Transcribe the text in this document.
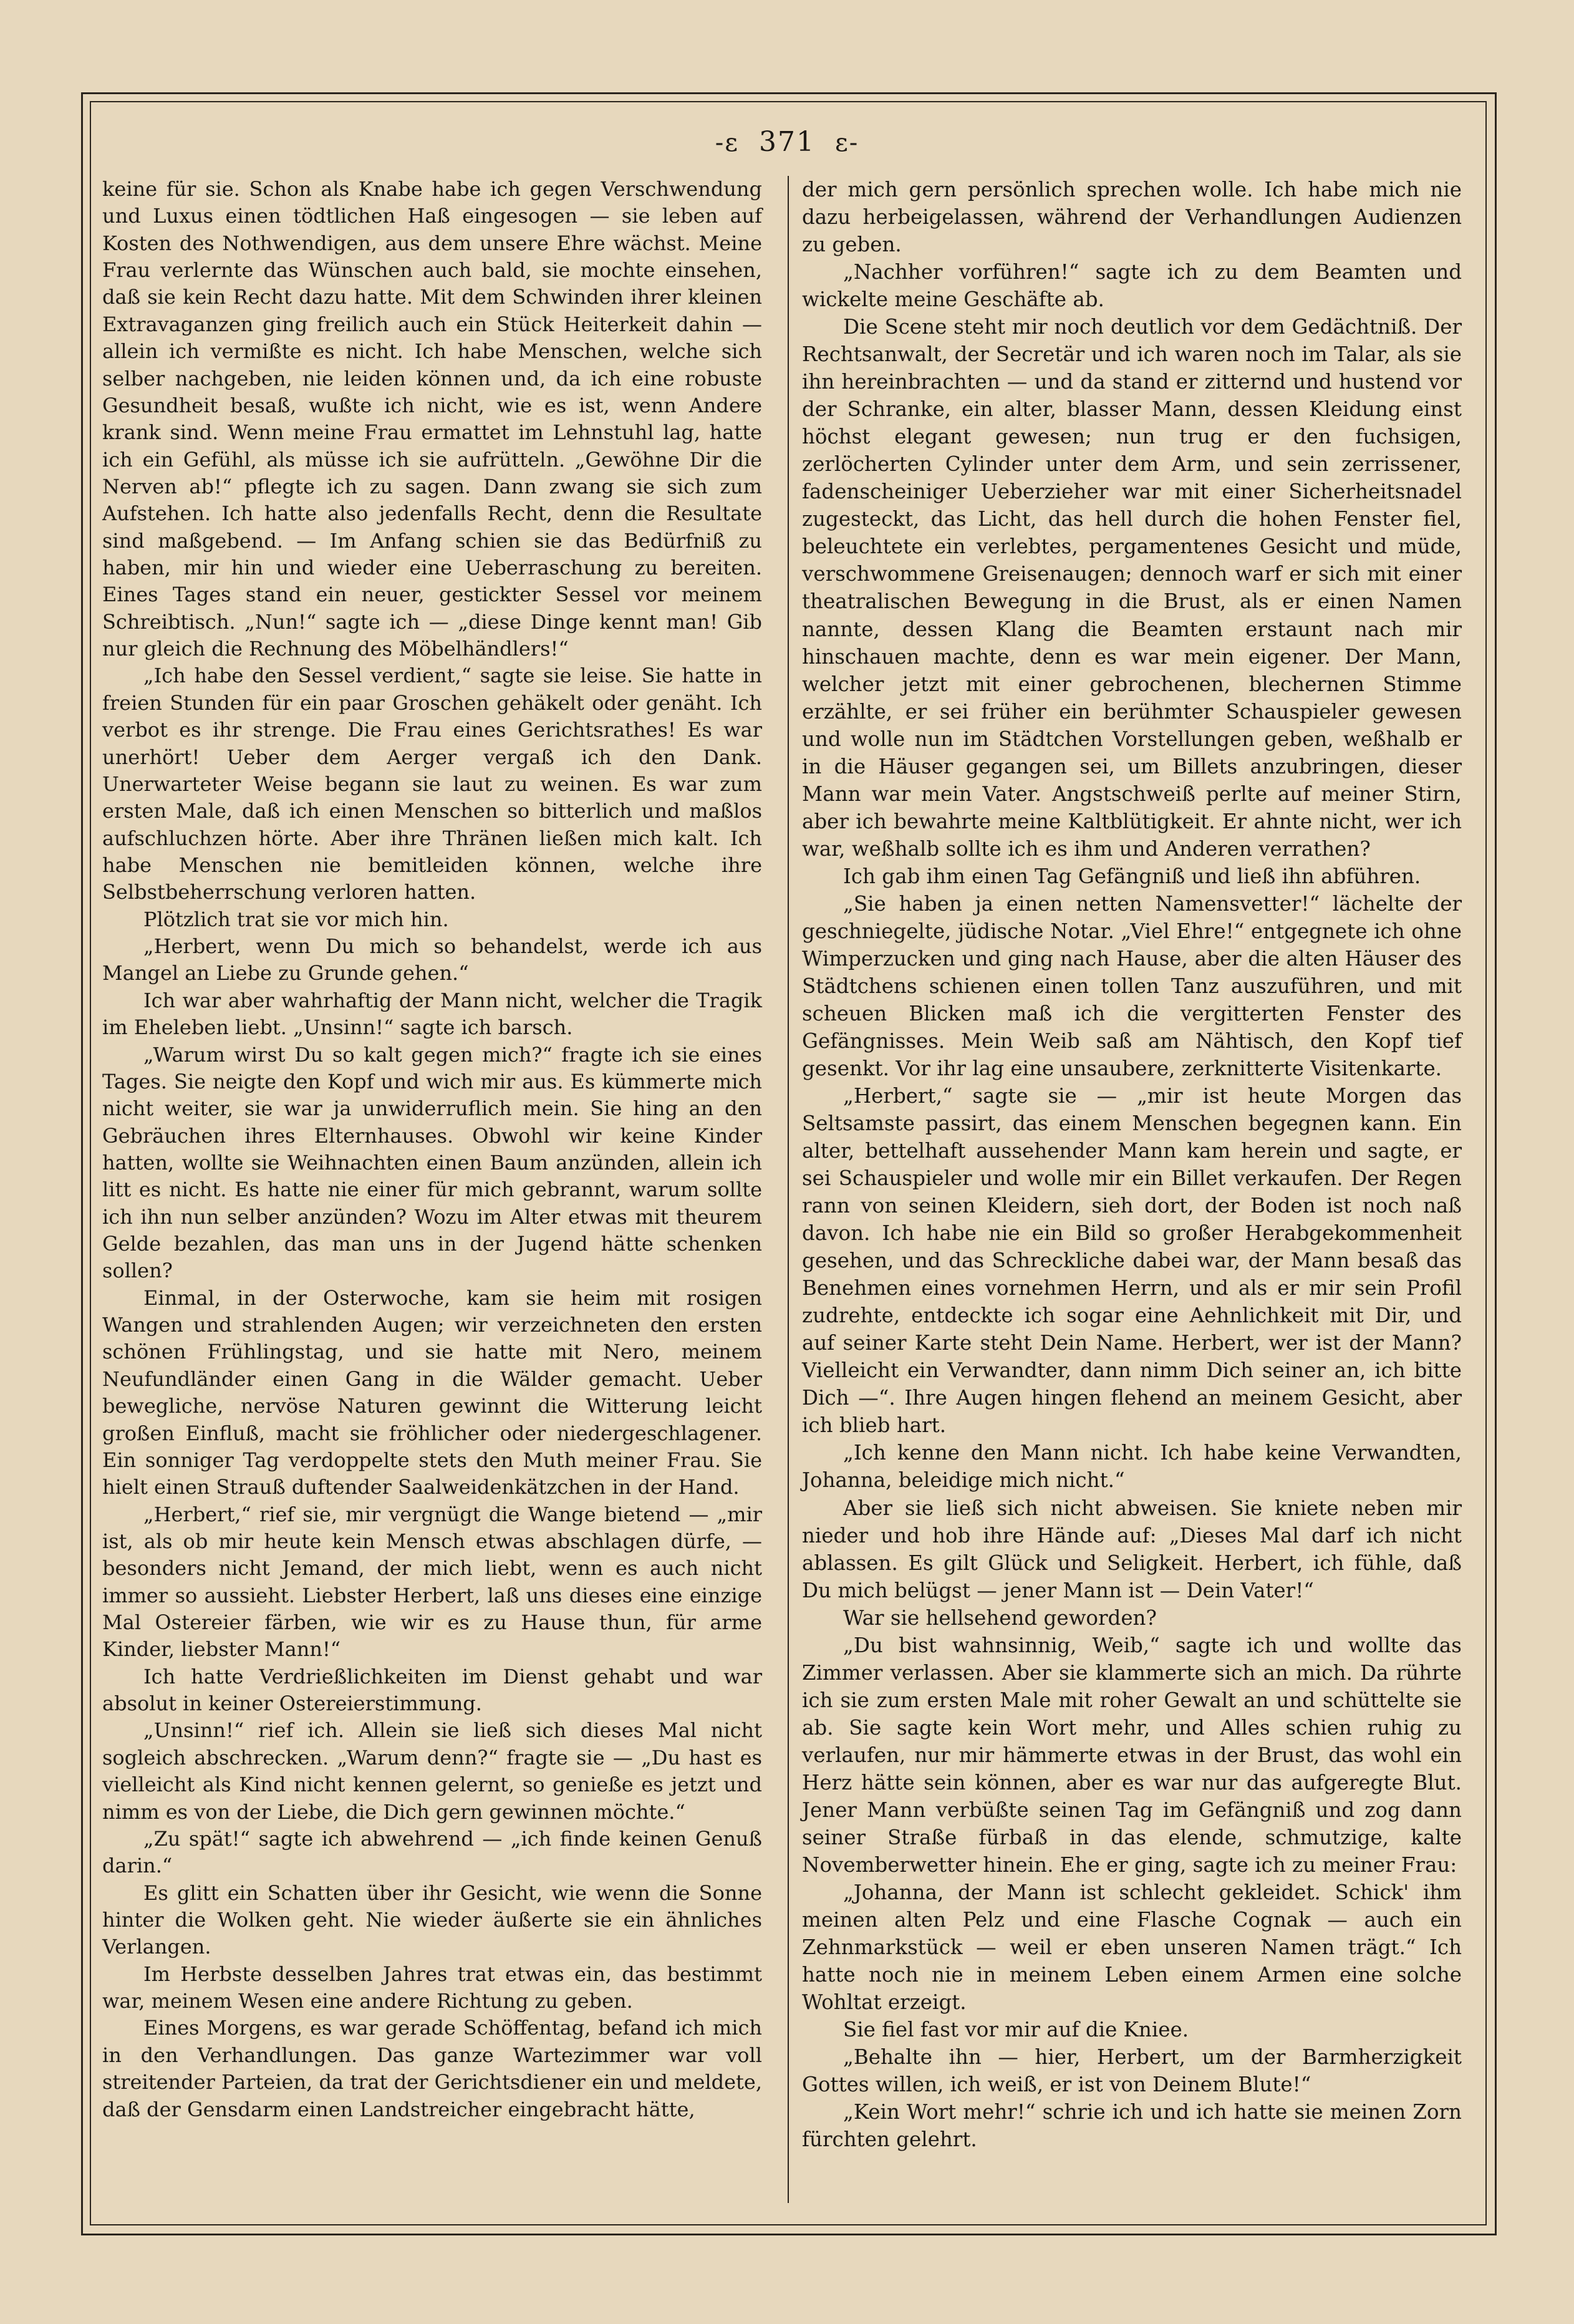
-ε 371 ε-

keine für sie. Schon als Knabe habe ich gegen Verschwendung und Luxus einen tödtlichen Haß eingesogen — sie leben auf Kosten des Nothwendigen, aus dem unsere Ehre wächst. Meine Frau verlernte das Wünschen auch bald, sie mochte einsehen, daß sie kein Recht dazu hatte. Mit dem Schwinden ihrer kleinen Extravaganzen ging freilich auch ein Stück Heiterkeit dahin — allein ich vermißte es nicht. Ich habe Menschen, welche sich selber nachgeben, nie leiden können und, da ich eine robuste Gesundheit besaß, wußte ich nicht, wie es ist, wenn Andere krank sind. Wenn meine Frau ermattet im Lehnstuhl lag, hatte ich ein Gefühl, als müsse ich sie aufrütteln. „Gewöhne Dir die Nerven ab!“ pflegte ich zu sagen. Dann zwang sie sich zum Aufstehen. Ich hatte also jedenfalls Recht, denn die Resultate sind maßgebend. — Im Anfang schien sie das Bedürfniß zu haben, mir hin und wieder eine Ueberraschung zu bereiten. Eines Tages stand ein neuer, gestickter Sessel vor meinem Schreibtisch. „Nun!“ sagte ich — „diese Dinge kennt man! Gib nur gleich die Rechnung des Möbelhändlers!“

„Ich habe den Sessel verdient,“ sagte sie leise. Sie hatte in freien Stunden für ein paar Groschen gehäkelt oder genäht. Ich verbot es ihr strenge. Die Frau eines Gerichtsrathes! Es war unerhört! Ueber dem Aerger vergaß ich den Dank. Unerwarteter Weise begann sie laut zu weinen. Es war zum ersten Male, daß ich einen Menschen so bitterlich und maßlos aufschluchzen hörte. Aber ihre Thränen ließen mich kalt. Ich habe Menschen nie bemitleiden können, welche ihre Selbstbeherrschung verloren hatten.

Plötzlich trat sie vor mich hin.

„Herbert, wenn Du mich so behandelst, werde ich aus Mangel an Liebe zu Grunde gehen.“

Ich war aber wahrhaftig der Mann nicht, welcher die Tragik im Eheleben liebt. „Unsinn!“ sagte ich barsch.

„Warum wirst Du so kalt gegen mich?“ fragte ich sie eines Tages. Sie neigte den Kopf und wich mir aus. Es kümmerte mich nicht weiter, sie war ja unwiderruflich mein. Sie hing an den Gebräuchen ihres Elternhauses. Obwohl wir keine Kinder hatten, wollte sie Weihnachten einen Baum anzünden, allein ich litt es nicht. Es hatte nie einer für mich gebrannt, warum sollte ich ihn nun selber anzünden? Wozu im Alter etwas mit theurem Gelde bezahlen, das man uns in der Jugend hätte schenken sollen?

Einmal, in der Osterwoche, kam sie heim mit rosigen Wangen und strahlenden Augen; wir verzeichneten den ersten schönen Frühlingstag, und sie hatte mit Nero, meinem Neufundländer einen Gang in die Wälder gemacht. Ueber bewegliche, nervöse Naturen gewinnt die Witterung leicht großen Einfluß, macht sie fröhlicher oder niedergeschlagener. Ein sonniger Tag verdoppelte stets den Muth meiner Frau. Sie hielt einen Strauß duftender Saalweidenkätzchen in der Hand.

„Herbert,“ rief sie, mir vergnügt die Wange bietend — „mir ist, als ob mir heute kein Mensch etwas abschlagen dürfe, — besonders nicht Jemand, der mich liebt, wenn es auch nicht immer so aussieht. Liebster Herbert, laß uns dieses eine einzige Mal Ostereier färben, wie wir es zu Hause thun, für arme Kinder, liebster Mann!“

Ich hatte Verdrießlichkeiten im Dienst gehabt und war absolut in keiner Ostereierstimmung.

„Unsinn!“ rief ich. Allein sie ließ sich dieses Mal nicht sogleich abschrecken. „Warum denn?“ fragte sie — „Du hast es vielleicht als Kind nicht kennen gelernt, so genieße es jetzt und nimm es von der Liebe, die Dich gern gewinnen möchte.“

„Zu spät!“ sagte ich abwehrend — „ich finde keinen Genuß darin.“

Es glitt ein Schatten über ihr Gesicht, wie wenn die Sonne hinter die Wolken geht. Nie wieder äußerte sie ein ähnliches Verlangen.

Im Herbste desselben Jahres trat etwas ein, das bestimmt war, meinem Wesen eine andere Richtung zu geben.

Eines Morgens, es war gerade Schöffentag, befand ich mich in den Verhandlungen. Das ganze Wartezimmer war voll streitender Parteien, da trat der Gerichtsdiener ein und meldete, daß der Gensdarm einen Landstreicher eingebracht hätte,

der mich gern persönlich sprechen wolle. Ich habe mich nie dazu herbeigelassen, während der Verhandlungen Audienzen zu geben.

„Nachher vorführen!“ sagte ich zu dem Beamten und wickelte meine Geschäfte ab.

Die Scene steht mir noch deutlich vor dem Gedächtniß. Der Rechtsanwalt, der Secretär und ich waren noch im Talar, als sie ihn hereinbrachten — und da stand er zitternd und hustend vor der Schranke, ein alter, blasser Mann, dessen Kleidung einst höchst elegant gewesen; nun trug er den fuchsigen, zerlöcherten Cylinder unter dem Arm, und sein zerrissener, fadenscheiniger Ueberzieher war mit einer Sicherheitsnadel zugesteckt, das Licht, das hell durch die hohen Fenster fiel, beleuchtete ein verlebtes, pergamentenes Gesicht und müde, verschwommene Greisenaugen; dennoch warf er sich mit einer theatralischen Bewegung in die Brust, als er einen Namen nannte, dessen Klang die Beamten erstaunt nach mir hinschauen machte, denn es war mein eigener. Der Mann, welcher jetzt mit einer gebrochenen, blechernen Stimme erzählte, er sei früher ein berühmter Schauspieler gewesen und wolle nun im Städtchen Vorstellungen geben, weßhalb er in die Häuser gegangen sei, um Billets anzubringen, dieser Mann war mein Vater. Angstschweiß perlte auf meiner Stirn, aber ich bewahrte meine Kaltblütigkeit. Er ahnte nicht, wer ich war, weßhalb sollte ich es ihm und Anderen verrathen?

Ich gab ihm einen Tag Gefängniß und ließ ihn abführen.

„Sie haben ja einen netten Namensvetter!“ lächelte der geschniegelte, jüdische Notar. „Viel Ehre!“ entgegnete ich ohne Wimperzucken und ging nach Hause, aber die alten Häuser des Städtchens schienen einen tollen Tanz auszuführen, und mit scheuen Blicken maß ich die vergitterten Fenster des Gefängnisses. Mein Weib saß am Nähtisch, den Kopf tief gesenkt. Vor ihr lag eine unsaubere, zerknitterte Visitenkarte.

„Herbert,“ sagte sie — „mir ist heute Morgen das Seltsamste passirt, das einem Menschen begegnen kann. Ein alter, bettelhaft aussehender Mann kam herein und sagte, er sei Schauspieler und wolle mir ein Billet verkaufen. Der Regen rann von seinen Kleidern, sieh dort, der Boden ist noch naß davon. Ich habe nie ein Bild so großer Herabgekommenheit gesehen, und das Schreckliche dabei war, der Mann besaß das Benehmen eines vornehmen Herrn, und als er mir sein Profil zudrehte, entdeckte ich sogar eine Aehnlichkeit mit Dir, und auf seiner Karte steht Dein Name. Herbert, wer ist der Mann? Vielleicht ein Verwandter, dann nimm Dich seiner an, ich bitte Dich —“. Ihre Augen hingen flehend an meinem Gesicht, aber ich blieb hart.

„Ich kenne den Mann nicht. Ich habe keine Verwandten, Johanna, beleidige mich nicht.“

Aber sie ließ sich nicht abweisen. Sie kniete neben mir nieder und hob ihre Hände auf: „Dieses Mal darf ich nicht ablassen. Es gilt Glück und Seligkeit. Herbert, ich fühle, daß Du mich belügst — jener Mann ist — Dein Vater!“

War sie hellsehend geworden?

„Du bist wahnsinnig, Weib,“ sagte ich und wollte das Zimmer verlassen. Aber sie klammerte sich an mich. Da rührte ich sie zum ersten Male mit roher Gewalt an und schüttelte sie ab. Sie sagte kein Wort mehr, und Alles schien ruhig zu verlaufen, nur mir hämmerte etwas in der Brust, das wohl ein Herz hätte sein können, aber es war nur das aufgeregte Blut. Jener Mann verbüßte seinen Tag im Gefängniß und zog dann seiner Straße fürbaß in das elende, schmutzige, kalte Novemberwetter hinein. Ehe er ging, sagte ich zu meiner Frau:

„Johanna, der Mann ist schlecht gekleidet. Schick' ihm meinen alten Pelz und eine Flasche Cognak — auch ein Zehnmarkstück — weil er eben unseren Namen trägt.“ Ich hatte noch nie in meinem Leben einem Armen eine solche Wohltat erzeigt.

Sie fiel fast vor mir auf die Kniee.

„Behalte ihn — hier, Herbert, um der Barmherzigkeit Gottes willen, ich weiß, er ist von Deinem Blute!“

„Kein Wort mehr!“ schrie ich und ich hatte sie meinen Zorn fürchten gelehrt.
